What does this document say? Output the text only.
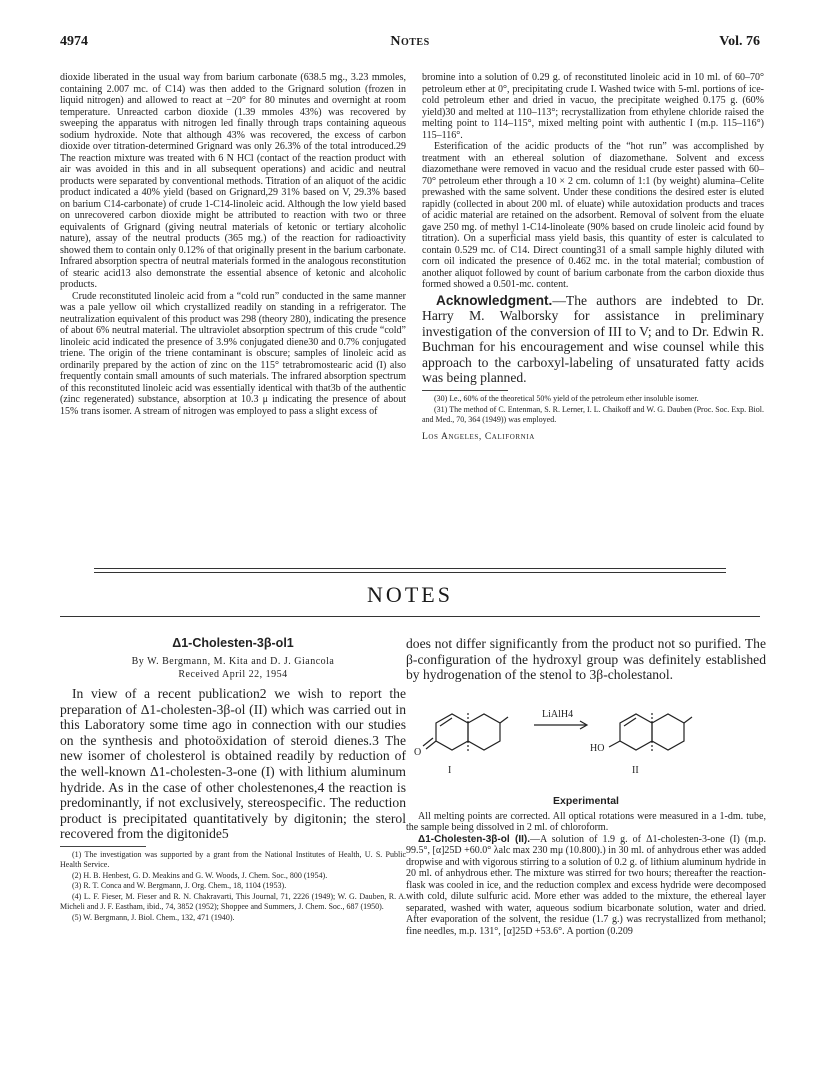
4974	Notes	Vol. 76

dioxide liberated in the usual way from barium carbonate (638.5 mg., 3.23 mmoles, containing 2.007 mc. of C14) was then added to the Grignard solution (frozen in liquid nitrogen) and allowed to react at −20° for 80 minutes and overnight at room temperature. Unreacted carbon dioxide (1.39 mmoles 43%) was recovered by sweeping the apparatus with nitrogen led finally through traps containing aqueous sodium hydroxide. Note that although 43% was recovered, the excess of carbon dioxide over titration-determined Grignard was only 26.3% of the total introduced.29 The reaction mixture was treated with 6 N HCl (contact of the reaction product with air was avoided in this and in all subsequent operations) and acidic and neutral products were separated by conventional methods. Titration of an aliquot of the acidic product indicated a 40% yield (based on Grignard,29 31% based on V, 29.3% based on barium C14-carbonate) of crude 1-C14-linoleic acid. Although the low yield based on unrecovered carbon dioxide might be attributed to reaction with two or three equivalents of Grignard (giving neutral materials of ketonic or tertiary alcoholic nature), assay of the neutral products (365 mg.) of the reaction for radioactivity showed them to contain only 0.12% of that originally present in the barium carbonate. Infrared absorption spectra of neutral materials formed in the analogous reconstitution of stearic acid13 also demonstrate the essential absence of ketonic and alcoholic products.

Crude reconstituted linoleic acid from a “cold run” conducted in the same manner was a pale yellow oil which crystallized readily on standing in a refrigerator. The neutralization equivalent of this product was 298 (theory 280), indicating the presence of about 6% neutral material. The ultraviolet absorption spectrum of this crude “cold” linoleic acid indicated the presence of 3.9% conjugated diene30 and 0.7% conjugated triene. The origin of the triene contaminant is obscure; samples of linoleic acid as ordinarily prepared by the action of zinc on the 115° tetrabromostearic acid (I) also frequently contain small amounts of such materials. The infrared absorption spectrum of this reconstituted linoleic acid was essentially identical with that3b of the authentic (zinc regenerated) substance, absorption at 10.3 μ indicating the presence of about 15% trans isomer. A stream of nitrogen was employed to pass a slight excess of

bromine into a solution of 0.29 g. of reconstituted linoleic acid in 10 ml. of 60–70° petroleum ether at 0°, precipitating crude I. Washed twice with 5-ml. portions of ice-cold petroleum ether and dried in vacuo, the precipitate weighed 0.175 g. (60% yield)30 and melted at 110–113°; recrystallization from ethylene chloride raised the melting point to 114–115°, mixed melting point with authentic I (m.p. 115–116°) 115–116°.

Esterification of the acidic products of the “hot run” was accomplished by treatment with an ethereal solution of diazomethane. Solvent and excess diazomethane were removed in vacuo and the residual crude ester passed with 60–70° petroleum ether through a 10 × 2 cm. column of 1:1 (by weight) alumina–Celite prewashed with the same solvent. Under these conditions the desired ester is eluted rapidly (collected in about 200 ml. of eluate) while autoxidation products and traces of acidic material are retained on the adsorbent. Removal of solvent from the eluate gave 250 mg. of methyl 1-C14-linoleate (90% based on crude linoleic acid found by titration). On a superficial mass yield basis, this quantity of ester is calculated to contain 0.529 mc. of C14. Direct counting31 of a small sample highly diluted with corn oil indicated the presence of 0.462 mc. in the total material; combustion of another aliquot followed by count of barium carbonate from the carbon dioxide thus formed showed a 0.501-mc. content.

Acknowledgment.—The authors are indebted to Dr. Harry M. Walborsky for assistance in preliminary investigation of the conversion of III to V; and to Dr. Edwin R. Buchman for his encouragement and wise counsel while this approach to the carboxyl-labeling of unsaturated fatty acids was being planned.

(30) I.e., 60% of the theoretical 50% yield of the petroleum ether insoluble isomer.

(31) The method of C. Entenman, S. R. Lerner, I. L. Chaikoff and W. G. Dauben (Proc. Soc. Exp. Biol. and Med., 70, 364 (1949)) was employed.

Los Angeles, California

NOTES
Δ1-Cholesten-3β-ol1
By W. Bergmann, M. Kita and D. J. Giancola
Received April 22, 1954

In view of a recent publication2 we wish to report the preparation of Δ1-cholesten-3β-ol (II) which was carried out in this Laboratory some time ago in connection with our studies on the synthesis and photoöxidation of steroid dienes.3 The new isomer of cholesterol is obtained readily by reduction of the well-known Δ1-cholesten-3-one (I) with lithium aluminum hydride. As in the case of other cholestenones,4 the reaction is predominantly, if not exclusively, stereospecific. The reduction product is precipitated quantitatively by digitonin; the sterol recovered from the digitonide5

(1) The investigation was supported by a grant from the National Institutes of Health, U. S. Public Health Service.

(2) H. B. Henbest, G. D. Meakins and G. W. Woods, J. Chem. Soc., 800 (1954).

(3) R. T. Conca and W. Bergmann, J. Org. Chem., 18, 1104 (1953).

(4) L. F. Fieser, M. Fieser and R. N. Chakravarti, This Journal, 71, 2226 (1949); W. G. Dauben, R. A. Micheli and J. F. Eastham, ibid., 74, 3852 (1952); Shoppee and Summers, J. Chem. Soc., 687 (1950).

(5) W. Bergmann, J. Biol. Chem., 132, 471 (1940).

does not differ significantly from the product not so purified. The β-configuration of the hydroxyl group was definitely established by hydrogenation of the stenol to 3β-cholestanol.

LiAlH4
O	HO
I	II
Experimental

All melting points are corrected. All optical rotations were measured in a 1-dm. tube, the sample being dissolved in 2 ml. of chloroform.

Δ1-Cholesten-3β-ol (II).—A solution of 1.9 g. of Δ1-cholesten-3-one (I) (m.p. 99.5°, [α]25D +60.0° λalc max 230 mμ (10.800).) in 30 ml. of anhydrous ether was added dropwise and with vigorous stirring to a solution of 0.2 g. of lithium aluminum hydride in 20 ml. of anhydrous ether. The mixture was stirred for two hours; thereafter the reaction-flask was cooled in ice, and the reduction complex and excess hydride were decomposed with cold, dilute sulfuric acid. More ether was added to the mixture, the ethereal layer separated, washed with water, aqueous sodium bicarbonate solution, water and dried. After evaporation of the solvent, the residue (1.7 g.) was recrystallized from methanol; fine needles, m.p. 131°, [α]25D +53.6°. A portion (0.209
